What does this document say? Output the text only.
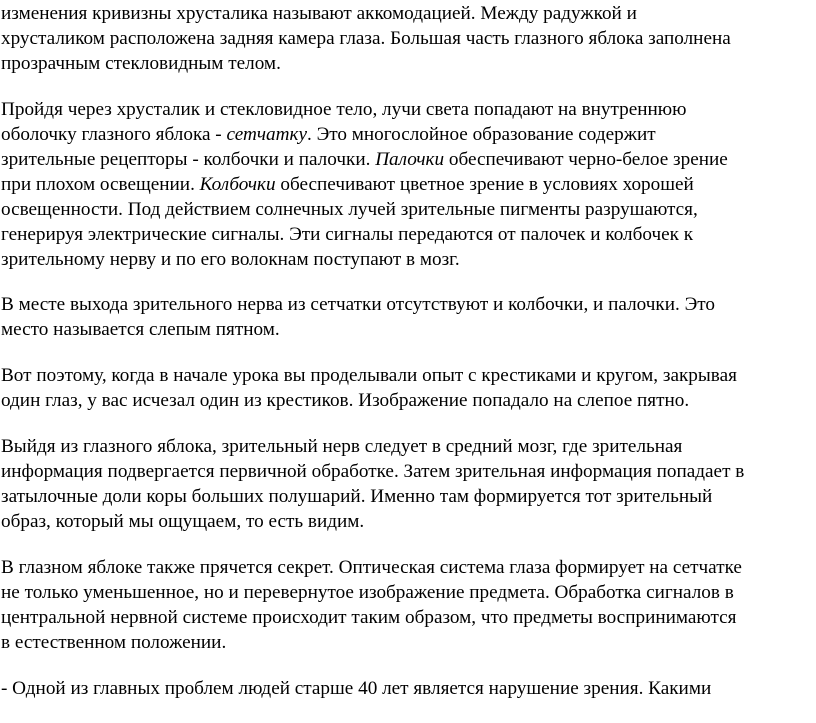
изменения кривизны хрусталика называют аккомодацией. Между радужкой и
хрусталиком расположена задняя камера глаза. Большая часть глазного яблока заполнена
прозрачным стекловидным телом.
Пройдя через хрусталик и стекловидное тело, лучи света попадают на внутреннюю
оболочку глазного яблока - сетчатку. Это многослойное образование содержит
зрительные рецепторы - колбочки и палочки. Палочки обеспечивают черно-белое зрение
при плохом освещении. Колбочки обеспечивают цветное зрение в условиях хорошей
освещенности. Под действием солнечных лучей зрительные пигменты разрушаются,
генерируя электрические сигналы. Эти сигналы передаются от палочек и колбочек к
зрительному нерву и по его волокнам поступают в мозг.
В месте выхода зрительного нерва из сетчатки отсутствуют и колбочки, и палочки. Это
место называется слепым пятном.
Вот поэтому, когда в начале урока вы проделывали опыт с крестиками и кругом, закрывая
один глаз, у вас исчезал один из крестиков. Изображение попадало на слепое пятно.
Выйдя из глазного яблока, зрительный нерв следует в средний мозг, где зрительная
информация подвергается первичной обработке. Затем зрительная информация попадает в
затылочные доли коры больших полушарий. Именно там формируется тот зрительный
образ, который мы ощущаем, то есть видим.
В глазном яблоке также прячется секрет. Оптическая система глаза формирует на сетчатке
не только уменьшенное, но и перевернутое изображение предмета. Обработка сигналов в
центральной нервной системе происходит таким образом, что предметы воспринимаются
в естественном положении.
- Одной из главных проблем людей старше 40 лет является нарушение зрения. Какими
